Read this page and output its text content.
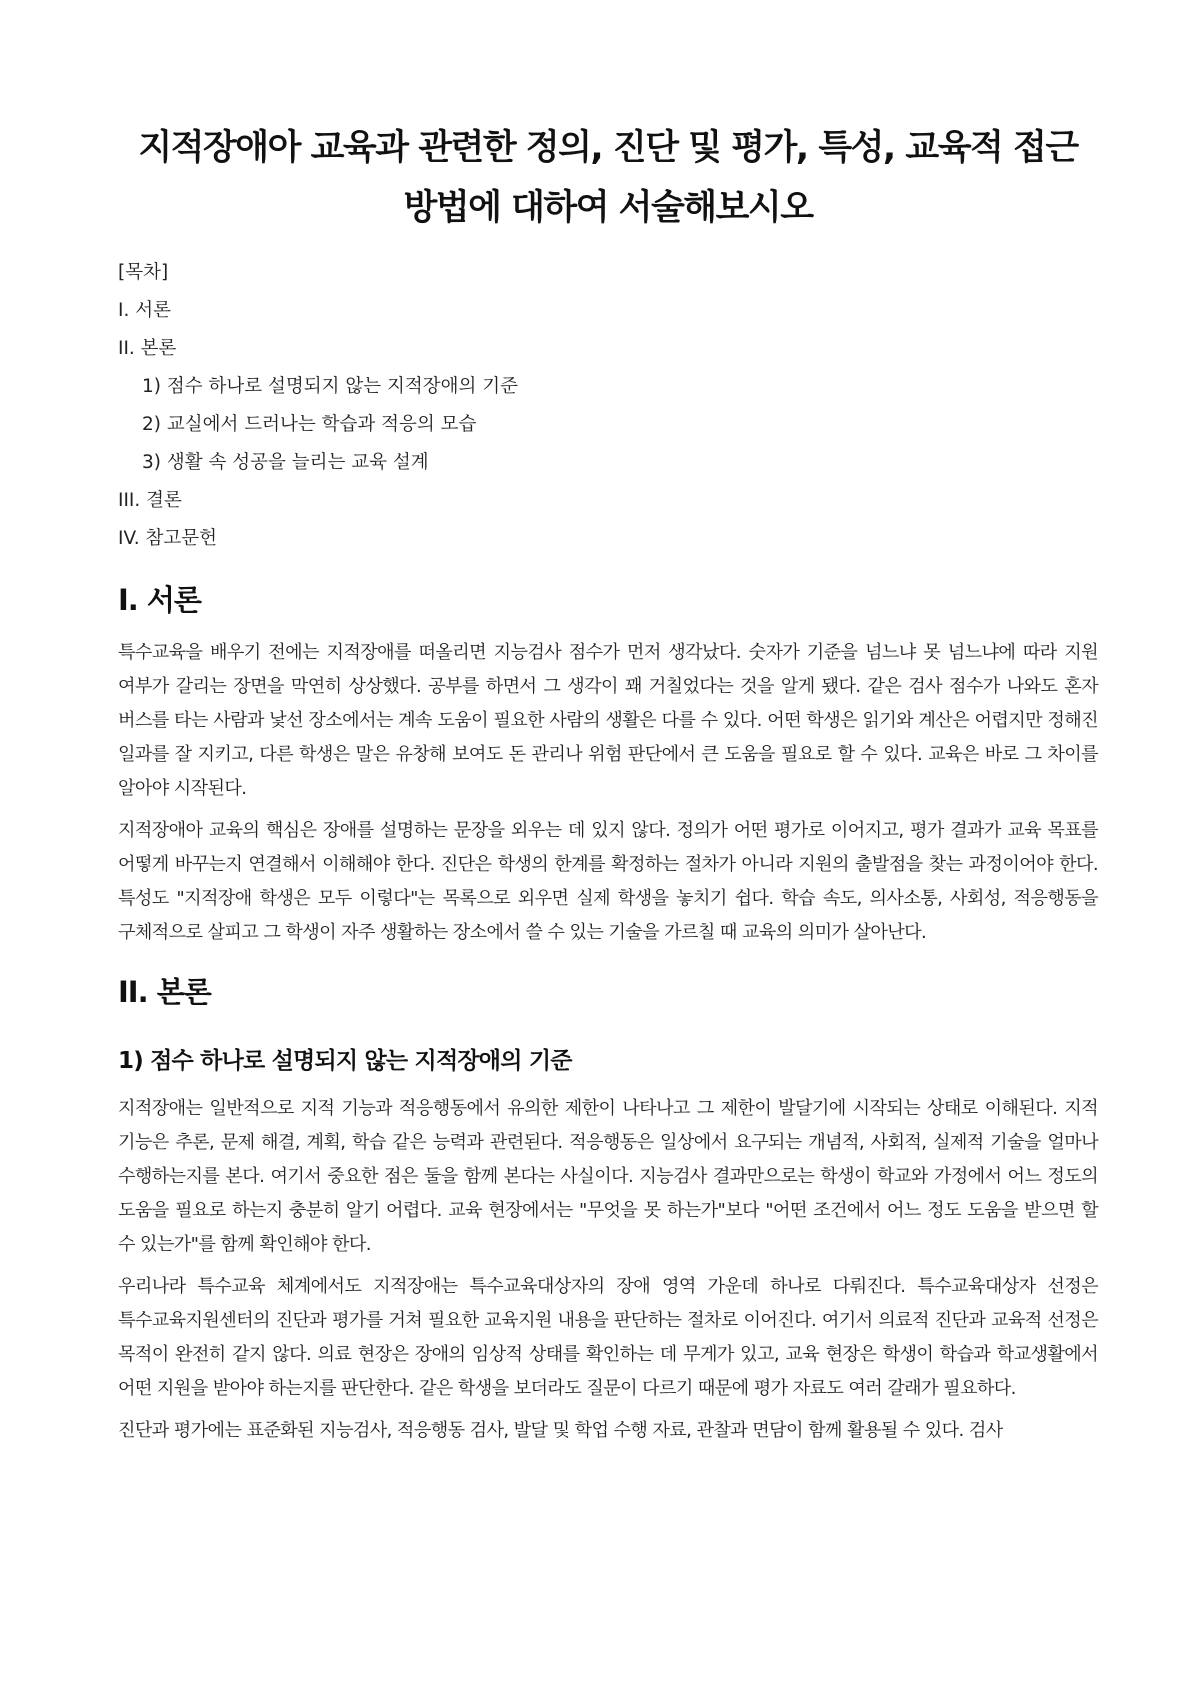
지적장애아 교육과 관련한 정의, 진단 및 평가, 특성, 교육적 접근 방법에 대하여 서술해보시오
[목차]
I. 서론
II. 본론
1) 점수 하나로 설명되지 않는 지적장애의 기준
2) 교실에서 드러나는 학습과 적응의 모습
3) 생활 속 성공을 늘리는 교육 설계
III. 결론
IV. 참고문헌
I. 서론

특수교육을 배우기 전에는 지적장애를 떠올리면 지능검사 점수가 먼저 생각났다. 숫자가 기준을 넘느냐 못 넘느냐에 따라 지원 여부가 갈리는 장면을 막연히 상상했다. 공부를 하면서 그 생각이 꽤 거칠었다는 것을 알게 됐다. 같은 검사 점수가 나와도 혼자 버스를 타는 사람과 낯선 장소에서는 계속 도움이 필요한 사람의 생활은 다를 수 있다. 어떤 학생은 읽기와 계산은 어렵지만 정해진 일과를 잘 지키고, 다른 학생은 말은 유창해 보여도 돈 관리나 위험 판단에서 큰 도움을 필요로 할 수 있다. 교육은 바로 그 차이를 알아야 시작된다.

지적장애아 교육의 핵심은 장애를 설명하는 문장을 외우는 데 있지 않다. 정의가 어떤 평가로 이어지고, 평가 결과가 교육 목표를 어떻게 바꾸는지 연결해서 이해해야 한다. 진단은 학생의 한계를 확정하는 절차가 아니라 지원의 출발점을 찾는 과정이어야 한다. 특성도 "지적장애 학생은 모두 이렇다"는 목록으로 외우면 실제 학생을 놓치기 쉽다. 학습 속도, 의사소통, 사회성, 적응행동을 구체적으로 살피고 그 학생이 자주 생활하는 장소에서 쓸 수 있는 기술을 가르칠 때 교육의 의미가 살아난다.

II. 본론
1) 점수 하나로 설명되지 않는 지적장애의 기준

지적장애는 일반적으로 지적 기능과 적응행동에서 유의한 제한이 나타나고 그 제한이 발달기에 시작되는 상태로 이해된다. 지적 기능은 추론, 문제 해결, 계획, 학습 같은 능력과 관련된다. 적응행동은 일상에서 요구되는 개념적, 사회적, 실제적 기술을 얼마나 수행하는지를 본다. 여기서 중요한 점은 둘을 함께 본다는 사실이다. 지능검사 결과만으로는 학생이 학교와 가정에서 어느 정도의 도움을 필요로 하는지 충분히 알기 어렵다. 교육 현장에서는 "무엇을 못 하는가"보다 "어떤 조건에서 어느 정도 도움을 받으면 할 수 있는가"를 함께 확인해야 한다.

우리나라 특수교육 체계에서도 지적장애는 특수교육대상자의 장애 영역 가운데 하나로 다뤄진다. 특수교육대상자 선정은 특수교육지원센터의 진단과 평가를 거쳐 필요한 교육지원 내용을 판단하는 절차로 이어진다. 여기서 의료적 진단과 교육적 선정은 목적이 완전히 같지 않다. 의료 현장은 장애의 임상적 상태를 확인하는 데 무게가 있고, 교육 현장은 학생이 학습과 학교생활에서 어떤 지원을 받아야 하는지를 판단한다. 같은 학생을 보더라도 질문이 다르기 때문에 평가 자료도 여러 갈래가 필요하다.

진단과 평가에는 표준화된 지능검사, 적응행동 검사, 발달 및 학업 수행 자료, 관찰과 면담이 함께 활용될 수 있다. 검사
